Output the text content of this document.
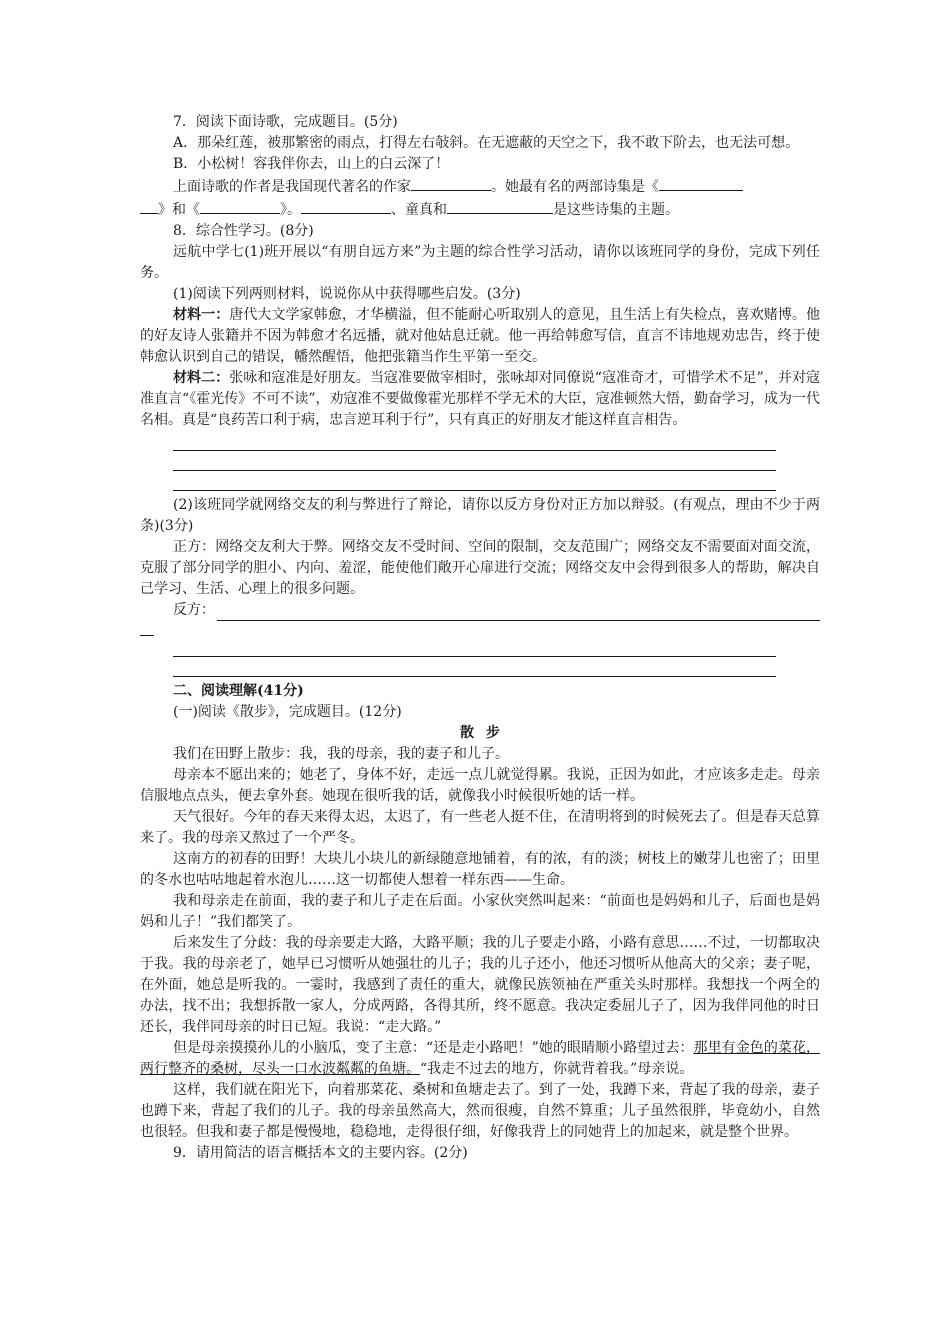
7．阅读下面诗歌，完成题目。(5分)

A．那朵红莲，被那繁密的雨点，打得左右敧斜。在无遮蔽的天空之下，我不敢下阶去，也无法可想。

B．小松树！容我伴你去，山上的白云深了！

上面诗歌的作者是我国现代著名的作家	。她最有名的两部诗集是《

》和《	》。	、童真和	是这些诗集的主题。

8．综合性学习。(8分)

远航中学七(1)班开展以“有朋自远方来”为主题的综合性学习活动，请你以该班同学的身份，完成下列任务。

(1)阅读下列两则材料，说说你从中获得哪些启发。(3分)

材料一：唐代大文学家韩愈，才华横溢，但不能耐心听取别人的意见，且生活上有失检点，喜欢赌博。他的好友诗人张籍并不因为韩愈才名远播，就对他姑息迁就。他一再给韩愈写信，直言不讳地规劝忠告，终于使韩愈认识到自己的错误，幡然醒悟，他把张籍当作生平第一至交。

材料二：张咏和寇准是好朋友。当寇准要做宰相时，张咏却对同僚说“寇准奇才，可惜学术不足”，并对寇准直言“《霍光传》不可不读”，劝寇准不要做像霍光那样不学无术的大臣，寇准顿然大悟，勤奋学习，成为一代名相。真是“良药苦口利于病，忠言逆耳利于行”，只有真正的好朋友才能这样直言相告。

(2)该班同学就网络交友的利与弊进行了辩论，请你以反方身份对正方加以辩驳。(有观点，理由不少于两条)(3分)

正方：网络交友利大于弊。网络交友不受时间、空间的限制，交友范围广；网络交友不需要面对面交流，克服了部分同学的胆小、内向、羞涩，能使他们敞开心扉进行交流；网络交友中会得到很多人的帮助，解决自己学习、生活、心理上的很多问题。

反方：

二、阅读理解(41分)

(一)阅读《散步》，完成题目。(12分)

散步

我们在田野上散步：我，我的母亲，我的妻子和儿子。

母亲本不愿出来的；她老了，身体不好，走远一点儿就觉得累。我说，正因为如此，才应该多走走。母亲信服地点点头，便去拿外套。她现在很听我的话，就像我小时候很听她的话一样。

天气很好。今年的春天来得太迟，太迟了，有一些老人挺不住，在清明将到的时候死去了。但是春天总算来了。我的母亲又熬过了一个严冬。

这南方的初春的田野！大块儿小块儿的新绿随意地铺着，有的浓，有的淡；树枝上的嫩芽儿也密了；田里的冬水也咕咕地起着水泡儿……这一切都使人想着一样东西——生命。

我和母亲走在前面，我的妻子和儿子走在后面。小家伙突然叫起来：“前面也是妈妈和儿子，后面也是妈妈和儿子！”我们都笑了。

后来发生了分歧：我的母亲要走大路，大路平顺；我的儿子要走小路，小路有意思……不过，一切都取决于我。我的母亲老了，她早已习惯听从她强壮的儿子；我的儿子还小，他还习惯听从他高大的父亲；妻子呢，在外面，她总是听我的。一霎时，我感到了责任的重大，就像民族领袖在严重关头时那样。我想找一个两全的办法，找不出；我想拆散一家人，分成两路，各得其所，终不愿意。我决定委屈儿子了，因为我伴同他的时日还长，我伴同母亲的时日已短。我说：“走大路。”

但是母亲摸摸孙儿的小脑瓜，变了主意：“还是走小路吧！”她的眼睛顺小路望过去：那里有金色的菜花，两行整齐的桑树，尽头一口水波粼粼的鱼塘。“我走不过去的地方，你就背着我。”母亲说。

这样，我们就在阳光下，向着那菜花、桑树和鱼塘走去了。到了一处，我蹲下来，背起了我的母亲，妻子也蹲下来，背起了我们的儿子。我的母亲虽然高大，然而很瘦，自然不算重；儿子虽然很胖，毕竟幼小，自然也很轻。但我和妻子都是慢慢地，稳稳地，走得很仔细，好像我背上的同她背上的加起来，就是整个世界。

9．请用简洁的语言概括本文的主要内容。(2分)
